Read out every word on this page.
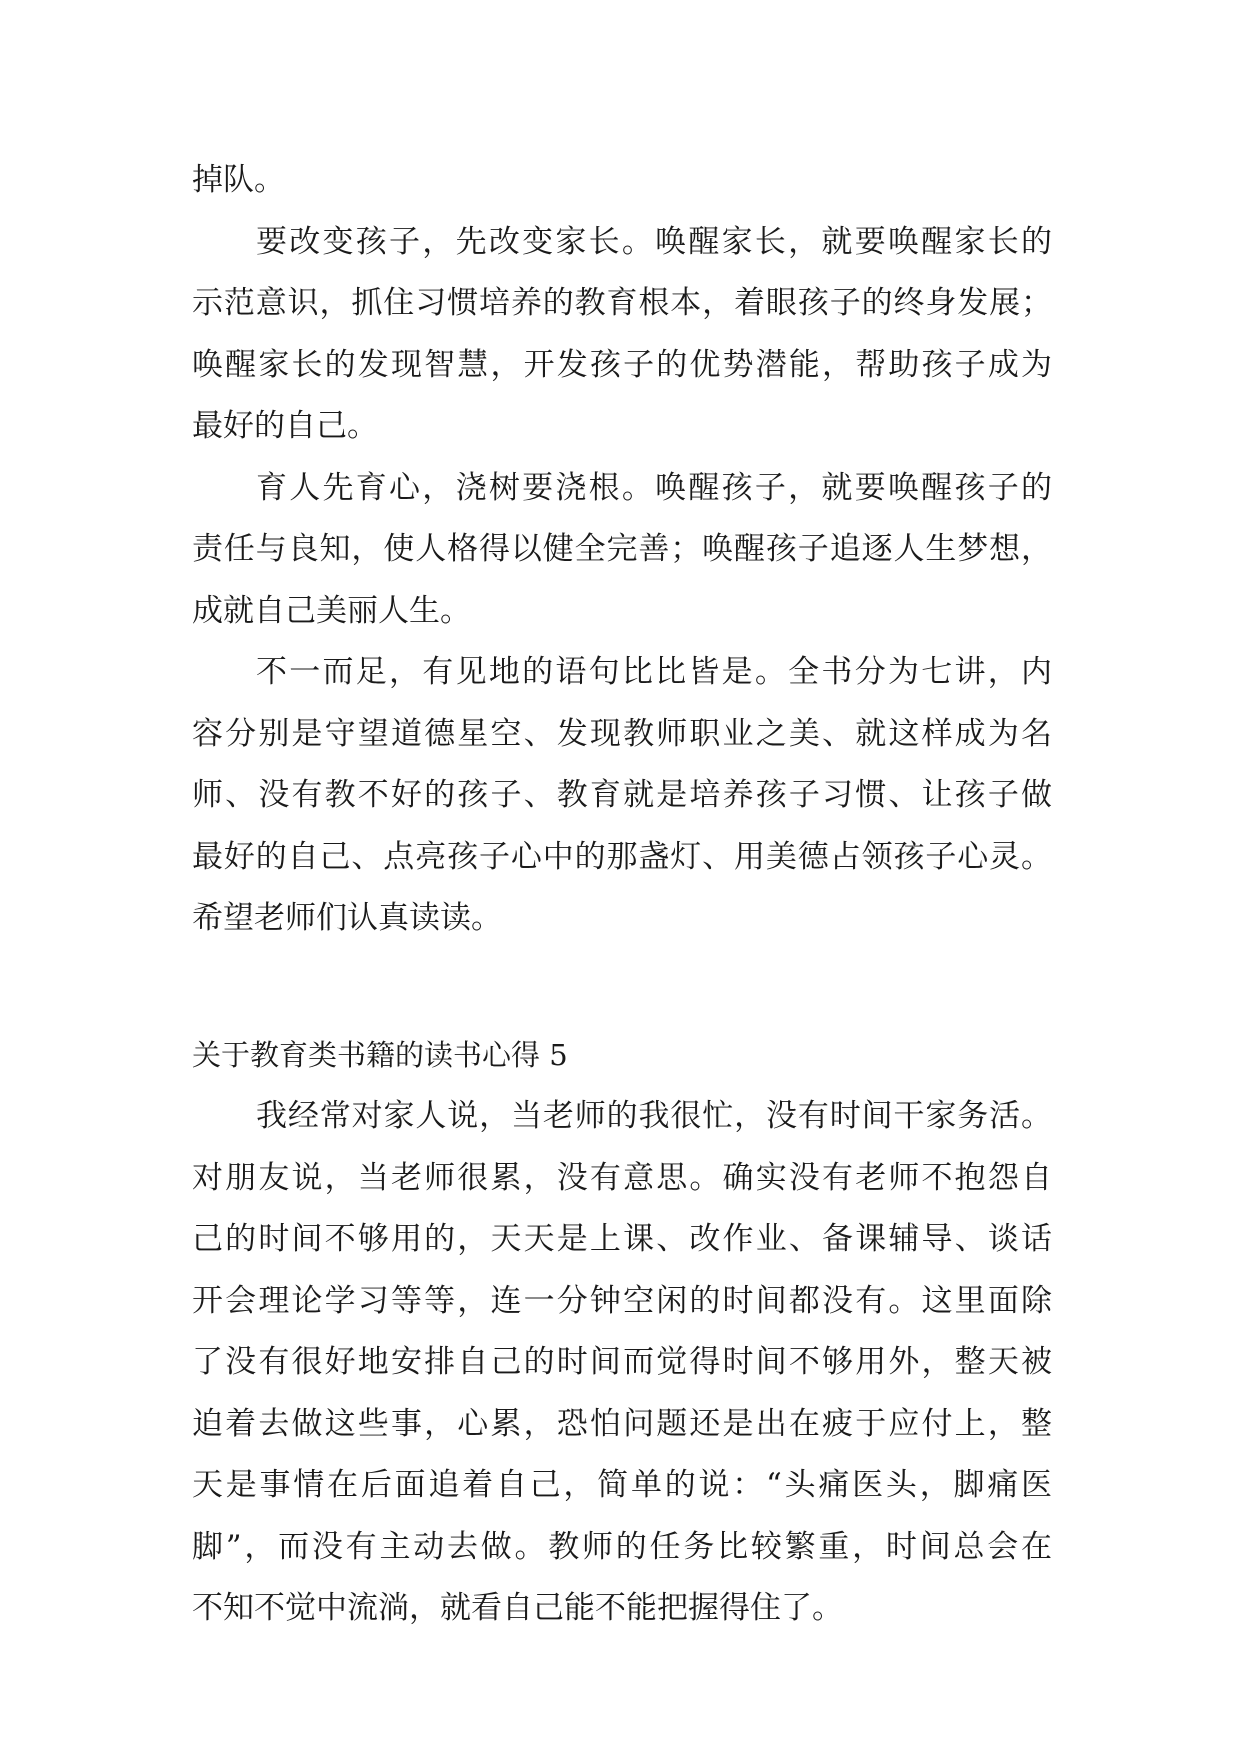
掉队。
要改变孩子，先改变家长。唤醒家长，就要唤醒家长的
示范意识，抓住习惯培养的教育根本，着眼孩子的终身发展；
唤醒家长的发现智慧，开发孩子的优势潜能，帮助孩子成为
最好的自己。
育人先育心，浇树要浇根。唤醒孩子，就要唤醒孩子的
责任与良知，使人格得以健全完善；唤醒孩子追逐人生梦想，
成就自己美丽人生。
不一而足，有见地的语句比比皆是。全书分为七讲，内
容分别是守望道德星空、发现教师职业之美、就这样成为名
师、没有教不好的孩子、教育就是培养孩子习惯、让孩子做
最好的自己、点亮孩子心中的那盏灯、用美德占领孩子心灵。
希望老师们认真读读。
关于教育类书籍的读书心得 5
我经常对家人说，当老师的我很忙，没有时间干家务活。
对朋友说，当老师很累，没有意思。确实没有老师不抱怨自
己的时间不够用的，天天是上课、改作业、备课辅导、谈话
开会理论学习等等，连一分钟空闲的时间都没有。这里面除
了没有很好地安排自己的时间而觉得时间不够用外，整天被
迫着去做这些事，心累，恐怕问题还是出在疲于应付上，整
天是事情在后面追着自己，简单的说：“头痛医头，脚痛医
脚”，而没有主动去做。教师的任务比较繁重，时间总会在
不知不觉中流淌，就看自己能不能把握得住了。
